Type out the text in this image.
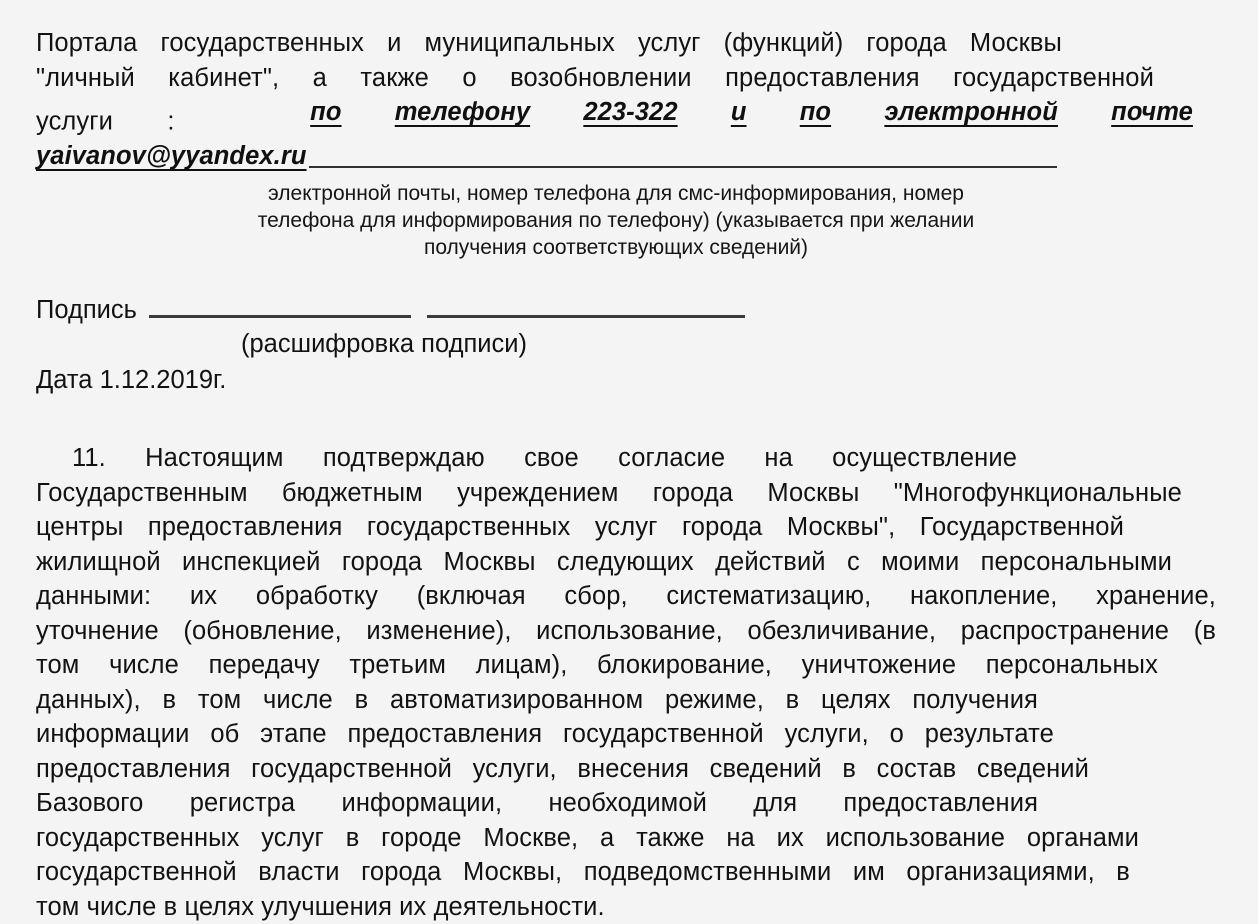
Портала государственных и муниципальных услуг (функций) города Москвы
"личный кабинет", а также о возобновлении предоставления государственной
услуги :	по телефону 223-322 и по электронной почте
yaivanov@yyandex.ru
электронной почты, номер телефона для смс-информирования, номер
телефона для информирования по телефону) (указывается при желании
получения соответствующих сведений)
Подпись
(расшифровка подписи)
Дата 1.12.2019г.
11. Настоящим подтверждаю свое согласие на осуществление
Государственным бюджетным учреждением города Москвы "Многофункциональные
центры предоставления государственных услуг города Москвы", Государственной
жилищной инспекцией города Москвы следующих действий с моими персональными
данными: их обработку (включая сбор, систематизацию, накопление, хранение,
уточнение (обновление, изменение), использование, обезличивание, распространение (в
том числе передачу третьим лицам), блокирование, уничтожение персональных
данных), в том числе в автоматизированном режиме, в целях получения
информации об этапе предоставления государственной услуги, о результате
предоставления государственной услуги, внесения сведений в состав сведений
Базового регистра информации, необходимой для предоставления
государственных услуг в городе Москве, а также на их использование органами
государственной власти города Москвы, подведомственными им организациями, в
том числе в целях улучшения их деятельности.
